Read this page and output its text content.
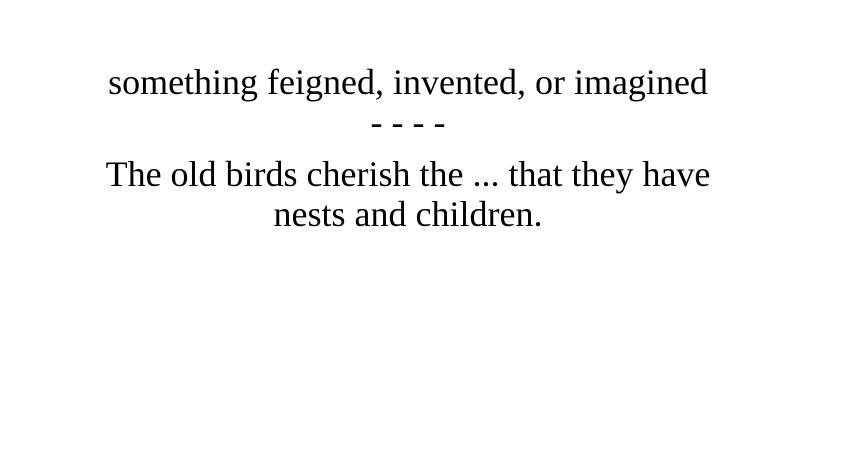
something feigned, invented, or imagined

- - - -

The old birds cherish the ... that they have
nests and children.
